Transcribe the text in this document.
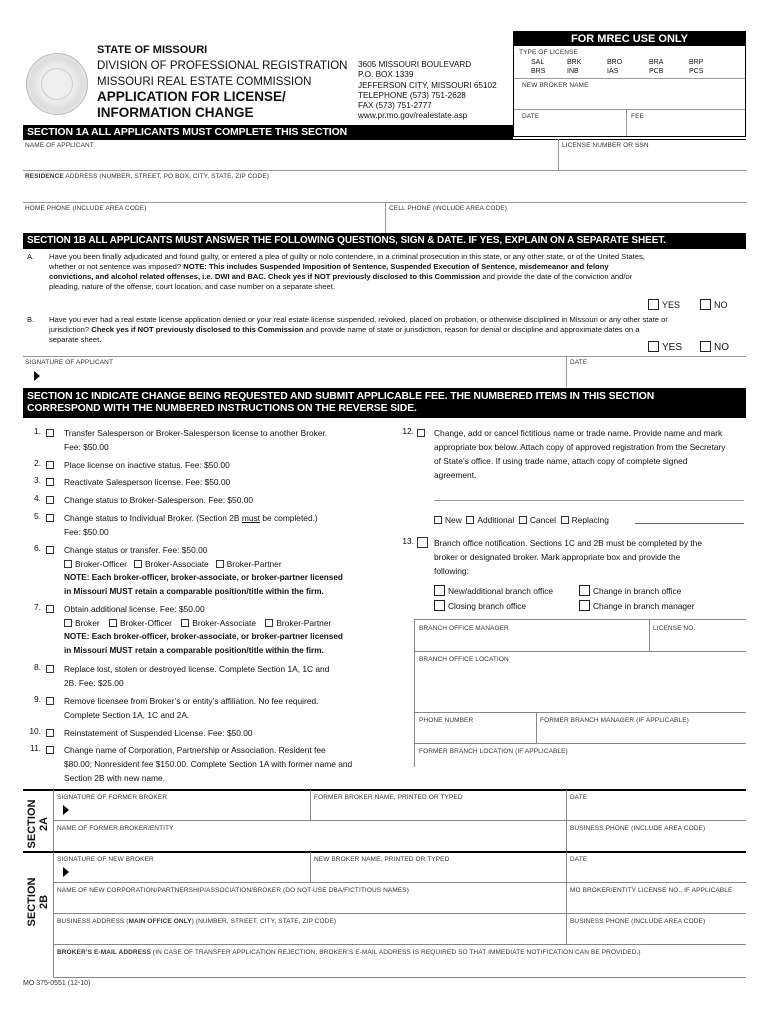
STATE OF MISSOURI
DIVISION OF PROFESSIONAL REGISTRATION
MISSOURI REAL ESTATE COMMISSION
APPLICATION FOR LICENSE/
INFORMATION CHANGE
3605 MISSOURI BOULEVARD
P.O. BOX 1339
JEFFERSON CITY, MISSOURI 65102
TELEPHONE (573) 751-2628
FAX (573) 751-2777
www.pr.mo.gov/realestate.asp
FOR MREC USE ONLY
TYPE OF LICENSE
SAL	BRK	BRO	BRA	BRP
BRS	INB	IAS	PCB	PCS
NEW BROKER NAME
DATE	FEE
SECTION 1A ALL APPLICANTS MUST COMPLETE THIS SECTION
NAME OF APPLICANT	LICENSE NUMBER OR SSN
RESIDENCE ADDRESS (NUMBER, STREET, PO BOX, CITY, STATE, ZIP CODE)
HOME PHONE (INCLUDE AREA CODE)	CELL PHONE (INCLUDE AREA CODE)
SECTION 1B ALL APPLICANTS MUST ANSWER THE FOLLOWING QUESTIONS, SIGN & DATE. IF YES, EXPLAIN ON A SEPARATE SHEET.
A. Have you been finally adjudicated and found guilty, or entered a plea of guilty or nolo contendere, in a criminal prosecution in this state, or any other state, or of the United States,
whether or not sentence was imposed? NOTE: This includes Suspended Imposition of Sentence, Suspended Execution of Sentence, misdemeanor and felony
convictions, and alcohol related offenses, i.e. DWI and BAC. Check yes if NOT previously disclosed to this Commission and provide the date of the conviction and/or
pleading, nature of the offense, court location, and case number on a separate sheet.
YES	NO
B. Have you ever had a real estate license application denied or your real estate license suspended, revoked, placed on probation, or otherwise disciplined in Missouri or any other state or
jurisdiction? Check yes if NOT previously disclosed to this Commission and provide name of state or jurisdiction, reason for denial or discipline and approximate dates on a
separate sheet.
YES	NO
SIGNATURE OF APPLICANT	DATE
SECTION 1C INDICATE CHANGE BEING REQUESTED AND SUBMIT APPLICABLE FEE. THE NUMBERED ITEMS IN THIS SECTION
CORRESPOND WITH THE NUMBERED INSTRUCTIONS ON THE REVERSE SIDE.
1.	Transfer Salesperson or Broker-Salesperson license to another Broker.
Fee: $50.00
2.	Place license on inactive status. Fee: $50.00
3.	Reactivate Salesperson license. Fee: $50.00
4.	Change status to Broker-Salesperson. Fee: $50.00
5.	Change status to Individual Broker. (Section 2B must be completed.)
Fee: $50.00
6.	Change status or transfer. Fee: $50.00
Broker-Officer Broker-Associate Broker-Partner
NOTE: Each broker-officer, broker-associate, or broker-partner licensed
in Missouri MUST retain a comparable position/title within the firm.
7.	Obtain additional license. Fee: $50.00
Broker Broker-Officer Broker-Associate Broker-Partner
NOTE: Each broker-officer, broker-associate, or broker-partner licensed
in Missouri MUST retain a comparable position/title within the firm.
8.	Replace lost, stolen or destroyed license. Complete Section 1A, 1C and
2B. Fee: $25.00
9.	Remove licensee from Broker’s or entity’s affiliation. No fee required.
Complete Section 1A, 1C and 2A.
10.	Reinstatement of Suspended License. Fee: $50.00
11.	Change name of Corporation, Partnership or Association. Resident fee
$80.00; Nonresident fee $150.00. Complete Section 1A with former name and
Section 2B with new name.
12. Change, add or cancel fictitious name or trade name. Provide name and mark
appropriate box below. Attach copy of approved registration from the Secretary
of State’s office. If using trade name, attach copy of complete signed
agreement.
New Additional Cancel Replacing
13. Branch office notification. Sections 1C and 2B must be completed by the
broker or designated broker. Mark appropriate box and provide the
following:
New/additional branch office	Change in branch office
Closing branch office	Change in branch manager
BRANCH OFFICE MANAGER	LICENSE NO.
BRANCH OFFICE LOCATION
PHONE NUMBER	FORMER BRANCH MANAGER (IF APPLICABLE)
FORMER BRANCH LOCATION (IF APPLICABLE)
SECTION 2A
SIGNATURE OF FORMER BROKER	FORMER BROKER NAME, PRINTED OR TYPED	DATE
NAME OF FORMER BROKER/ENTITY	BUSINESS PHONE (INCLUDE AREA CODE)
SECTION 2B
SIGNATURE OF NEW BROKER	NEW BROKER NAME, PRINTED OR TYPED	DATE
NAME OF NEW CORPORATION/PARTNERSHIP/ASSOCIATION/BROKER (DO NOT USE DBA/FICTITIOUS NAMES)	MO BROKER/ENTITY LICENSE NO., IF APPLICABLE
BUSINESS ADDRESS (MAIN OFFICE ONLY) (NUMBER, STREET, CITY, STATE, ZIP CODE)	BUSINESS PHONE (INCLUDE AREA CODE)
BROKER’S E-MAIL ADDRESS (IN CASE OF TRANSFER APPLICATION REJECTION, BROKER’S E-MAIL ADDRESS IS REQUIRED SO THAT IMMEDIATE NOTIFICATION CAN BE PROVIDED.)
MO 375-0551 (12-10)
